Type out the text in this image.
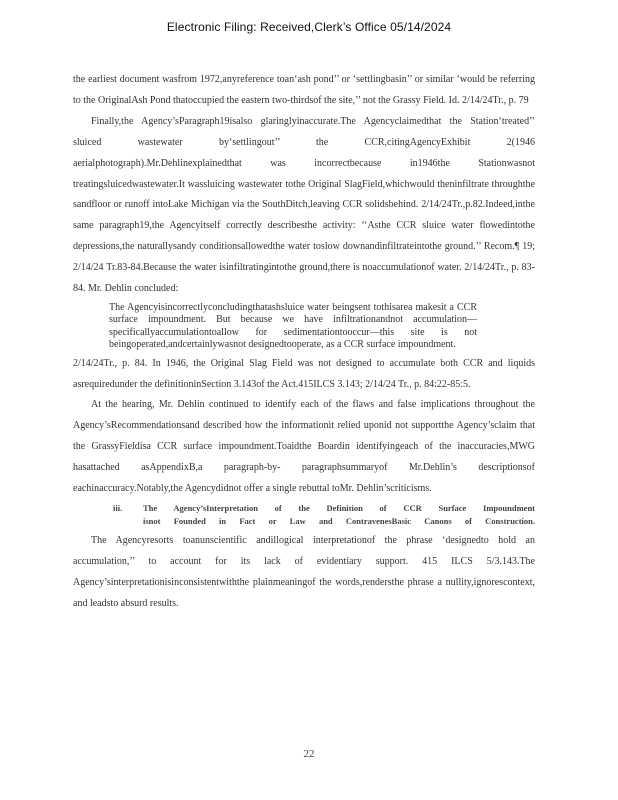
Electronic Filing: Received,Clerk’s Office 05/14/2024

the earliest document wasfrom 1972,anyreference toan‘ash pond’’ or ‘settlingbasin’’ or similar ‘would be referring to the OriginalAsh Pond thatoccupied the eastern two-thirdsof the site,’’ not the Grassy Field. Id. 2/14/24Tr., p. 79

Finally,the Agency’sParagraph19isalso glaringlyinaccurate.The Agencyclaimedthat the Station‘treated’’ sluiced wastewater by‘settlingout’’ the CCR,citingAgencyExhibit 2(1946 aerialphotograph).Mr.Dehlinexplainedthat was incorrectbecause in1946the Stationwasnot treatingsluicedwastewater.It wassluicing wastewater tothe Original SlagField,whichwould theninfiltrate throughthe sandfloor or runoff intoLake Michigan via the SouthDitch,leaving CCR solidsbehind. 2/14/24Tr.,p.82.Indeed,inthe same paragraph19,the Agencyitself correctly describesthe activity: ‘‘Asthe CCR sluice water flowedintothe depressions,the naturallysandy conditionsallowedthe water toslow downandinfiltrateintothe ground.’’ Recom.¶ 19; 2/14/24 Tr.83-84.Because the water isinfiltratingintothe ground,there is noaccumulationof water. 2/14/24Tr., p. 83-84. Mr. Dehlin concluded:

The Agencyisincorrectlyconcludingthatashsluice water beingsent tothisarea makesit a CCR surface impoundment. But because we have infiltrationandnot accumulation—specificallyaccumulationtoallow for sedimentationtooccur—this site is not beingoperated,andcertainlywasnot designedtooperate, as a CCR surface impoundment.

2/14/24Tr., p. 84. In 1946, the Original Slag Field was not designed to accumulate both CCR and liquids asrequiredunder the definitioninSection 3.143of the Act.415ILCS 3.143; 2/14/24 Tr., p. 84:22-85:5.

At the hearing, Mr. Dehlin continued to identify each of the flaws and false implications throughout the Agency’sRecommendationsand described how the informationit relied uponid not supportthe Agency’sclaim that the GrassyFieldisa CCR surface impoundment.Toaidthe Boardin identifyingeach of the inaccuracies,MWG hasattached asAppendixB,a paragraph-by- paragraphsummaryof Mr.Dehlin’s descriptionsof eachinaccuracy.Notably,the Agencydidnot offer a single rebuttal toMr. Dehlin’scriticisms.

iii. The Agency’sInterpretation of the Definition of CCR Surface Impoundment
isnot Founded in Fact or Law and ContravenesBasic Canons of Construction.

The Agencyresorts toanunscientific andillogical interpretationof the phrase ‘designedto hold an accumulation,’’ to account for its lack of evidentiary support. 415 ILCS 5/3.143.The Agency’sinterpretationisinconsistentwiththe plainmeaningof the words,rendersthe phrase a nullity,ignorescontext, and leadsto absurd results.

22
